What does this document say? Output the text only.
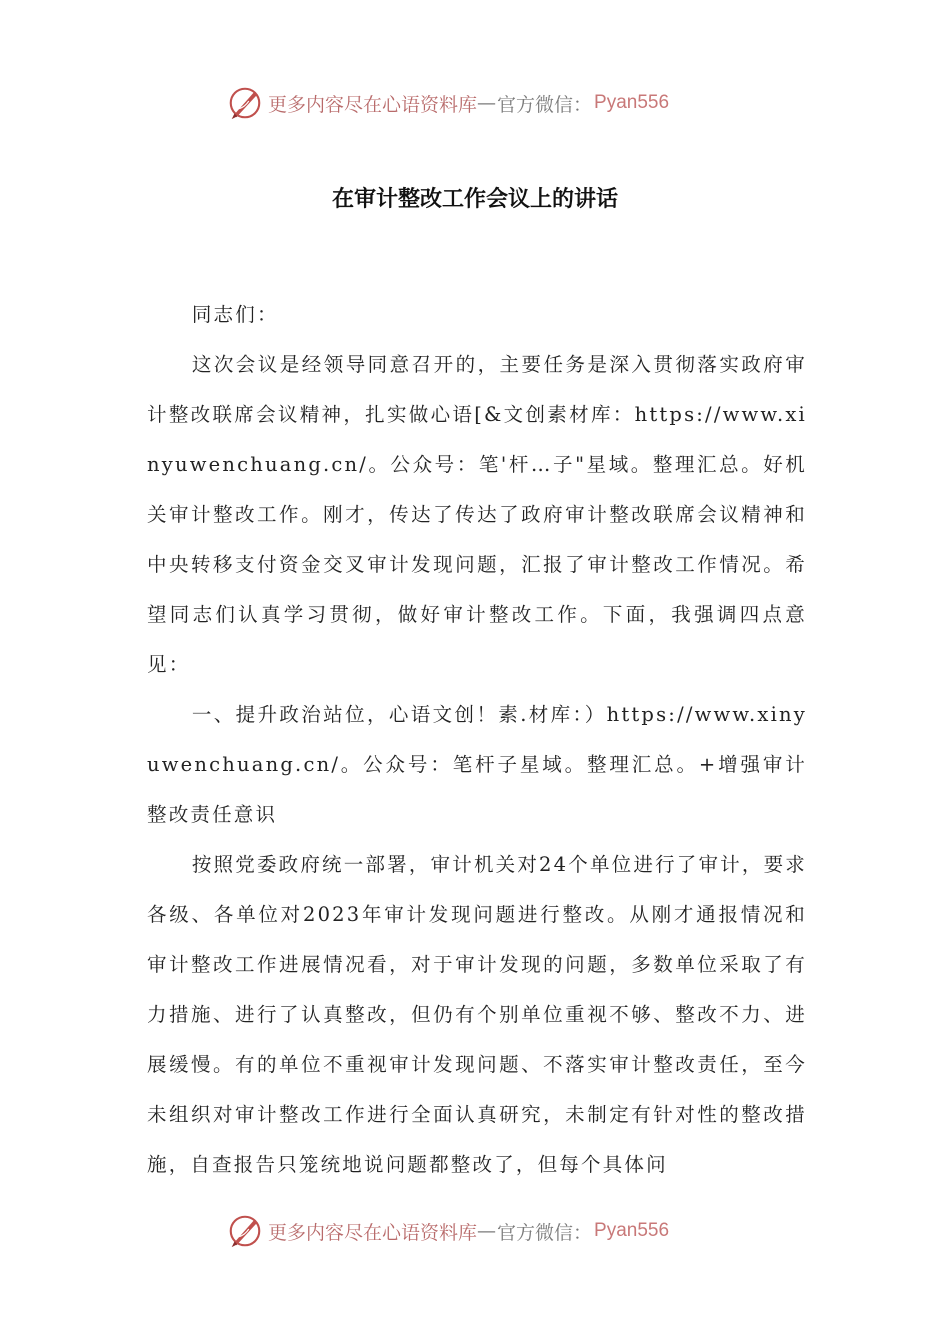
更多内容尽在心语资料库 — 官方微信： Pyan556
在审计整改工作会议上的讲话

同志们：

这次会议是经领导同意召开的，主要任务是深入贯彻落实政府审计整改联席会议精神，扎实做心语[&文创素材库：https://www.xinyuwenchuang.cn/。公众号：笔'杆…子"星域。整理汇总。好机关审计整改工作。刚才，传达了传达了政府审计整改联席会议精神和中央转移支付资金交叉审计发现问题，汇报了审计整改工作情况。希望同志们认真学习贯彻，做好审计整改工作。下面，我强调四点意见：

一、提升政治站位，心语文创！素.材库：）https://www.xinyuwenchuang.cn/。公众号：笔杆子星域。整理汇总。+增强审计整改责任意识

按照党委政府统一部署，审计机关对24个单位进行了审计，要求各级、各单位对2023年审计发现问题进行整改。从刚才通报情况和审计整改工作进展情况看，对于审计发现的问题，多数单位采取了有力措施、进行了认真整改，但仍有个别单位重视不够、整改不力、进展缓慢。有的单位不重视审计发现问题、不落实审计整改责任，至今未组织对审计整改工作进行全面认真研究，未制定有针对性的整改措施，自查报告只笼统地说问题都整改了，但每个具体问

更多内容尽在心语资料库 — 官方微信： Pyan556
